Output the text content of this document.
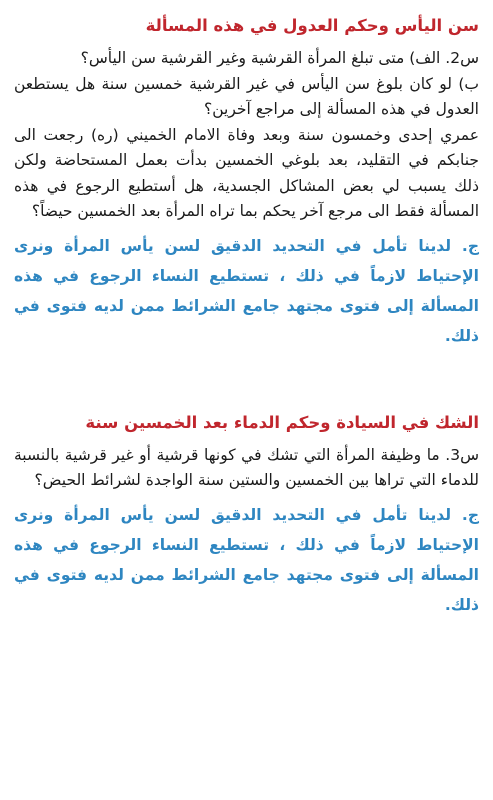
سن اليأس وحكم العدول في هذه المسألة

س2. الف) متى تبلغ المرأة القرشية وغير القرشية سن اليأس؟

ب) لو كان بلوغ سن اليأس في غير القرشية خمسين سنة هل يستطعن العدول في هذه المسألة إلى مراجع آخرين؟

عمري إحدى وخمسون سنة وبعد وفاة الامام الخميني (ره) رجعت الى جنابكم في التقليد، بعد بلوغي الخمسين بدأت بعمل المستحاضة ولكن ذلك يسبب لي بعض المشاكل الجسدية، هل أستطيع الرجوع في هذه المسألة فقط الى مرجع آخر يحكم بما تراه المرأة بعد الخمسين حيضاً؟

ج. لدينا تأمل في التحديد الدقيق لسن يأس المرأة ونرى الإحتياط لازماً في ذلك ، تستطيع النساء الرجوع في هذه المسألة إلى فتوى مجتهد جامع الشرائط ممن لديه فتوى في ذلك.

الشك في السيادة وحكم الدماء بعد الخمسين سنة

س3. ما وظيفة المرأة التي تشك في كونها قرشية أو غير قرشية بالنسبة للدماء التي تراها بين الخمسين والستين سنة الواجدة لشرائط الحيض؟

ج. لدينا تأمل في التحديد الدقيق لسن يأس المرأة ونرى الإحتياط لازماً في ذلك ، تستطيع النساء الرجوع في هذه المسألة إلى فتوى مجتهد جامع الشرائط ممن لديه فتوى في ذلك.
